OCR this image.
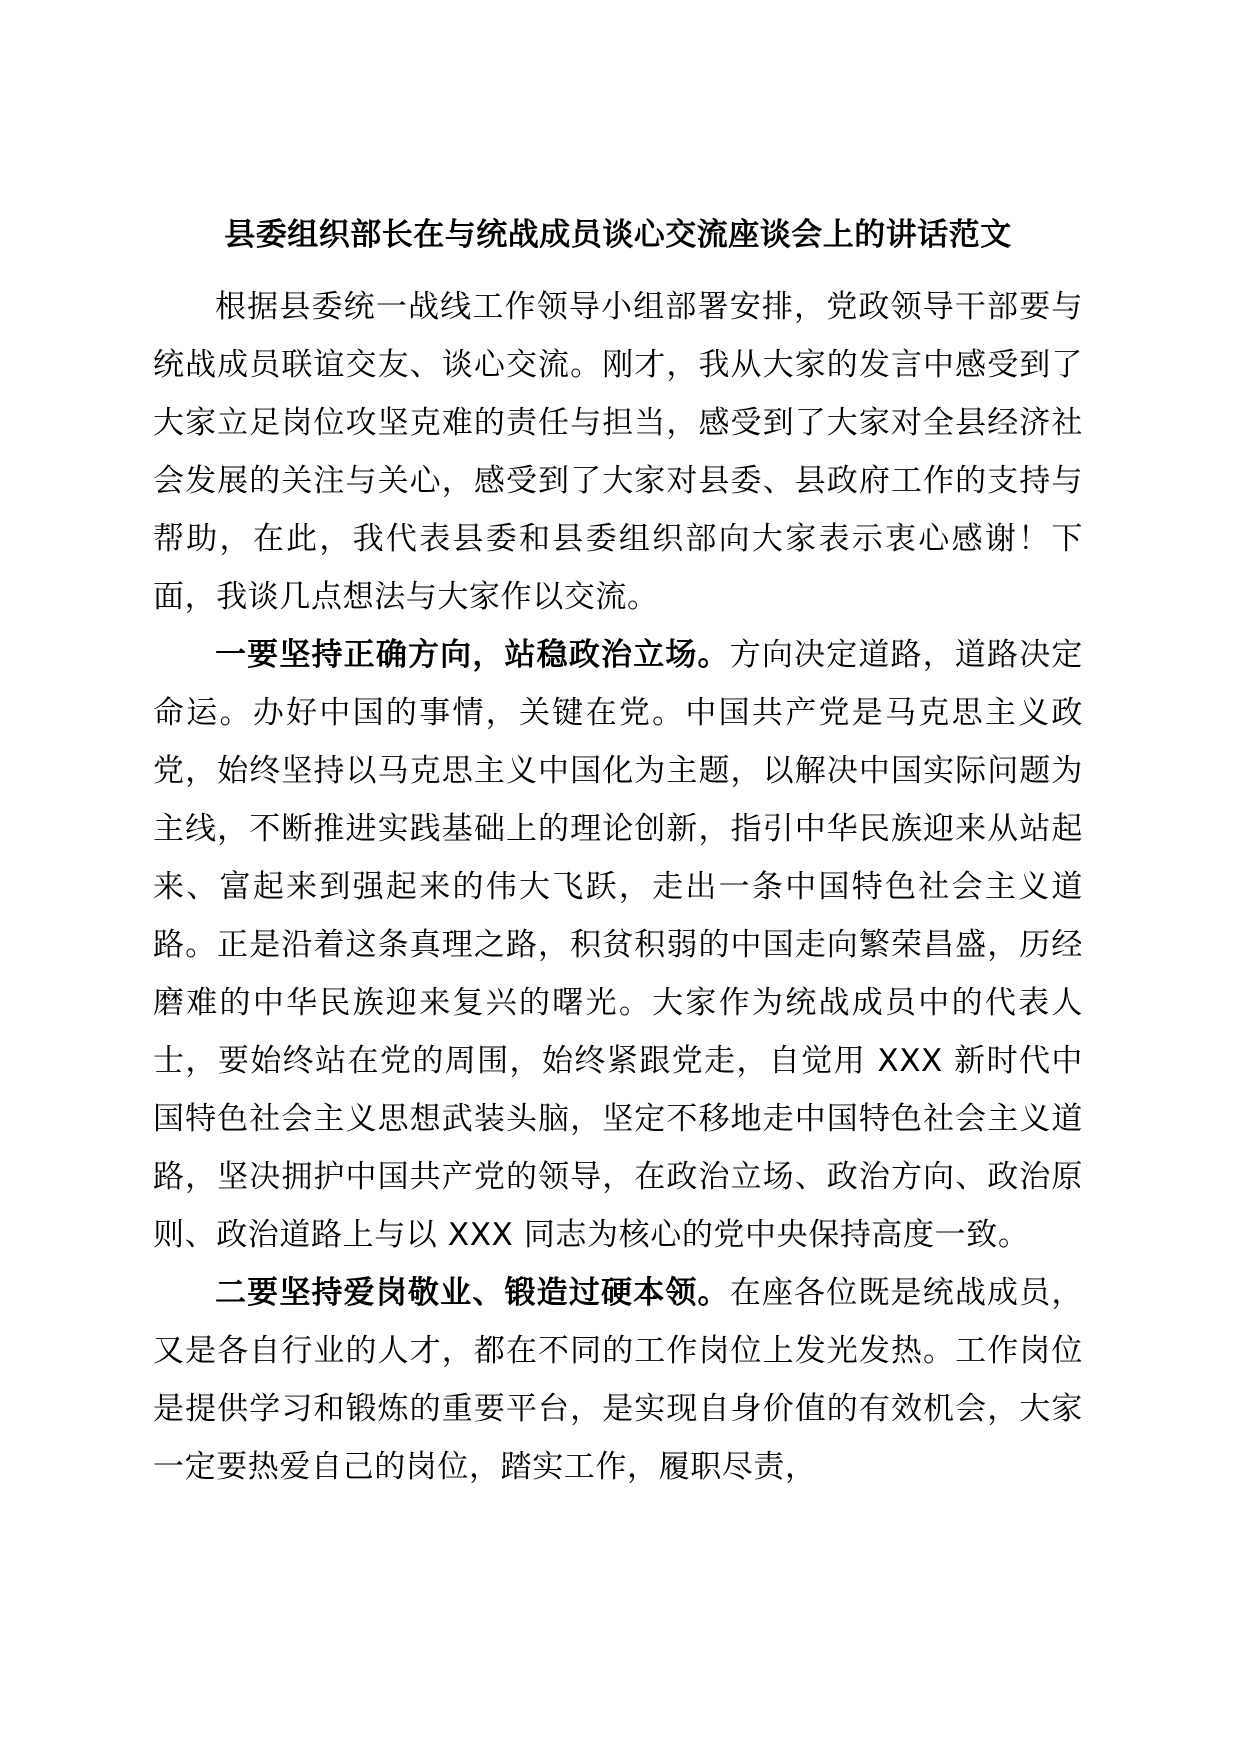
县委组织部长在与统战成员谈心交流座谈会上的讲话范文

根据县委统一战线工作领导小组部署安排，党政领导干部要与统战成员联谊交友、谈心交流。刚才，我从大家的发言中感受到了大家立足岗位攻坚克难的责任与担当，感受到了大家对全县经济社会发展的关注与关心，感受到了大家对县委、县政府工作的支持与帮助，在此，我代表县委和县委组织部向大家表示衷心感谢！下面，我谈几点想法与大家作以交流。

一要坚持正确方向，站稳政治立场。方向决定道路，道路决定命运。办好中国的事情，关键在党。中国共产党是马克思主义政党，始终坚持以马克思主义中国化为主题，以解决中国实际问题为主线，不断推进实践基础上的理论创新，指引中华民族迎来从站起来、富起来到强起来的伟大飞跃，走出一条中国特色社会主义道路。正是沿着这条真理之路，积贫积弱的中国走向繁荣昌盛，历经磨难的中华民族迎来复兴的曙光。大家作为统战成员中的代表人士，要始终站在党的周围，始终紧跟党走，自觉用 XXX 新时代中国特色社会主义思想武装头脑，坚定不移地走中国特色社会主义道路，坚决拥护中国共产党的领导，在政治立场、政治方向、政治原则、政治道路上与以 XXX 同志为核心的党中央保持高度一致。

二要坚持爱岗敬业、锻造过硬本领。在座各位既是统战成员，又是各自行业的人才，都在不同的工作岗位上发光发热。工作岗位是提供学习和锻炼的重要平台，是实现自身价值的有效机会，大家一定要热爱自己的岗位，踏实工作，履职尽责，
